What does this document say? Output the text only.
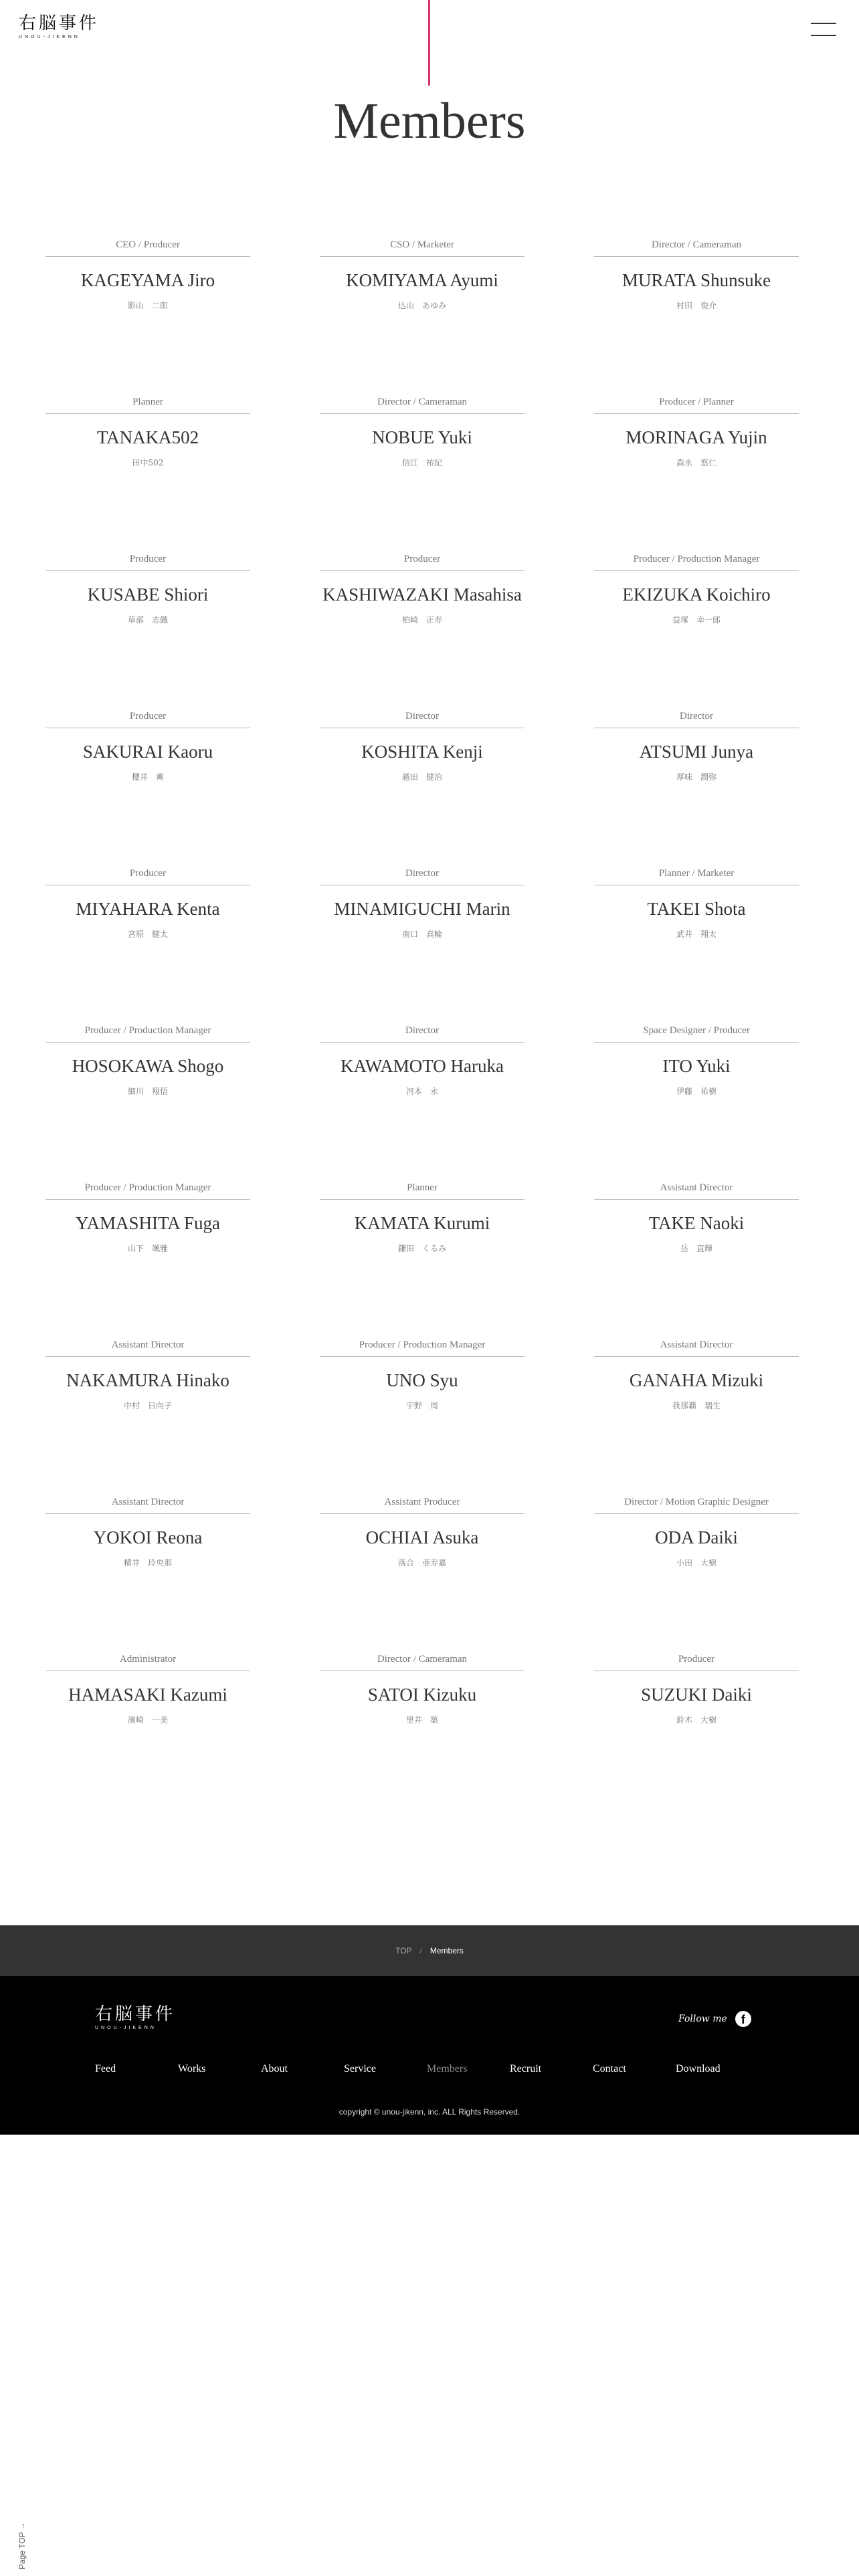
右脳事件
UNOU-JIKENN
Members
CEO / Producer
KAGEYAMA Jiro
影山　二郎
CSO / Marketer
KOMIYAMA Ayumi
込山　あゆみ
Director / Cameraman
MURATA Shunsuke
村田　俊介
Planner
TANAKA502
田中502
Director / Cameraman
NOBUE Yuki
信江　祐紀
Producer / Planner
MORINAGA Yujin
森永　悠仁
Producer
KUSABE Shiori
草部　志織
Producer
KASHIWAZAKI Masahisa
柏崎　正寿
Producer / Production Manager
EKIZUKA Koichiro
益塚　幸一郎
Producer
SAKURAI Kaoru
櫻井　薫
Director
KOSHITA Kenji
越田　健治
Director
ATSUMI Junya
厚味　潤弥
Producer
MIYAHARA Kenta
宮原　健太
Director
MINAMIGUCHI Marin
南口　真輪
Planner / Marketer
TAKEI Shota
武井　翔太
Producer / Production Manager
HOSOKAWA Shogo
細川　翔悟
Director
KAWAMOTO Haruka
河本　永
Space Designer / Producer
ITO Yuki
伊藤　祐樹
Producer / Production Manager
YAMASHITA Fuga
山下　颯雅
Planner
KAMATA Kurumi
鎌田　くるみ
Assistant Director
TAKE Naoki
岳　直輝
Assistant Director
NAKAMURA Hinako
中村　日向子
Producer / Production Manager
UNO Syu
宇野　周
Assistant Director
GANAHA Mizuki
我那覇　瑞生
Assistant Director
YOKOI Reona
横井　玲央那
Assistant Producer
OCHIAI Asuka
落合　亜寿嘉
Director / Motion Graphic Designer
ODA Daiki
小田　大樹
Administrator
HAMASAKI Kazumi
濱崎　一美
Director / Cameraman
SATOI Kizuku
里井　築
Producer
SUZUKI Daiki
鈴木　大樹
TOP / Members
右脳事件
UNOU-JIKENN
Follow me	f
Feed	Works	About	Service	Members	Recruit	Contact	Download
copyright © unou-jikenn, inc. ALL Rights Reserved.
Page TOP →
